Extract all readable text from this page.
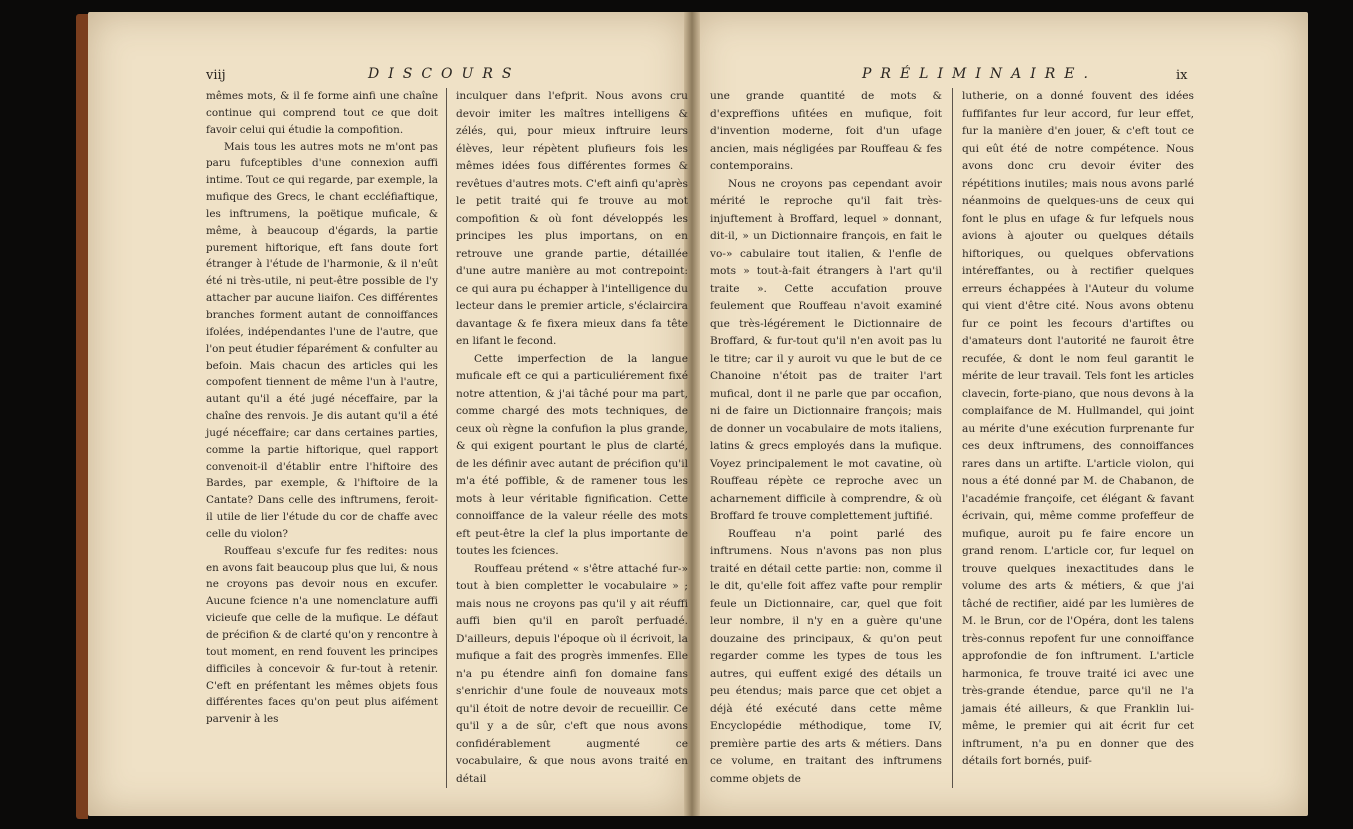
viij	DISCOURS

mêmes mots, & il fe forme ainfi une chaîne continue qui comprend tout ce que doit favoir celui qui étudie la compofition.

Mais tous les autres mots ne m'ont pas paru fufceptibles d'une connexion auffi intime. Tout ce qui regarde, par exemple, la mufique des Grecs, le chant eccléfiaftique, les inftrumens, la poëtique muficale, & même, à beaucoup d'égards, la partie purement hiftorique, eft fans doute fort étranger à l'étude de l'harmonie, & il n'eût été ni très-utile, ni peut-être possible de l'y attacher par aucune liaifon. Ces différentes branches forment autant de connoiffances ifolées, indépendantes l'une de l'autre, que l'on peut étudier féparément & confulter au befoin. Mais chacun des articles qui les compofent tiennent de même l'un à l'autre, autant qu'il a été jugé néceffaire, par la chaîne des renvois. Je dis autant qu'il a été jugé néceffaire; car dans certaines parties, comme la partie hiftorique, quel rapport convenoit-il d'établir entre l'hiftoire des Bardes, par exemple, & l'hiftoire de la Cantate? Dans celle des inftrumens, feroit-il utile de lier l'étude du cor de chaffe avec celle du violon?

Rouffeau s'excufe fur fes redites: nous en avons fait beaucoup plus que lui, & nous ne croyons pas devoir nous en excufer. Aucune fcience n'a une nomenclature auffi vicieufe que celle de la mufique. Le défaut de précifion & de clarté qu'on y rencontre à tout moment, en rend fouvent les principes difficiles à concevoir & fur-tout à retenir. C'eft en préfentant les mêmes objets fous différentes faces qu'on peut plus aifément parvenir à les

inculquer dans l'efprit. Nous avons cru devoir imiter les maîtres intelligens & zélés, qui, pour mieux inftruire leurs élèves, leur répètent plufieurs fois les mêmes idées fous différentes formes & revêtues d'autres mots. C'eft ainfi qu'après le petit traité qui fe trouve au mot compofition & où font développés les principes les plus importans, on en retrouve une grande partie, détaillée d'une autre manière au mot contrepoint: ce qui aura pu échapper à l'intelligence du lecteur dans le premier article, s'éclaircira davantage & fe fixera mieux dans fa tête en lifant le fecond.

Cette imperfection de la langue muficale eft ce qui a particuliérement fixé notre attention, & j'ai tâché pour ma part, comme chargé des mots techniques, de ceux où règne la confufion la plus grande, & qui exigent pourtant le plus de clarté, de les définir avec autant de précifion qu'il m'a été poffible, & de ramener tous les mots à leur véritable fignification. Cette connoiffance de la valeur réelle des mots eft peut-être la clef la plus importante de toutes les fciences.

Rouffeau prétend « s'être attaché fur-» tout à bien completter le vocabulaire » ; mais nous ne croyons pas qu'il y ait réuffi auffi bien qu'il en paroît perfuadé. D'ailleurs, depuis l'époque où il écrivoit, la mufique a fait des progrès immenfes. Elle n'a pu étendre ainfi fon domaine fans s'enrichir d'une foule de nouveaux mots qu'il étoit de notre devoir de recueillir. Ce qu'il y a de sûr, c'eft que nous avons confidérablement augmenté ce vocabulaire, & que nous avons traité en détail

PRÉLIMINAIRE.	ix

une grande quantité de mots & d'expreffions ufitées en mufique, foit d'invention moderne, foit d'un ufage ancien, mais négligées par Rouffeau & fes contemporains.

Nous ne croyons pas cependant avoir mérité le reproche qu'il fait très-injuftement à Broffard, lequel » donnant, dit-il, » un Dictionnaire françois, en fait le vo-» cabulaire tout italien, & l'enfle de mots » tout-à-fait étrangers à l'art qu'il traite ». Cette accufation prouve feulement que Rouffeau n'avoit examiné que très-légérement le Dictionnaire de Broffard, & fur-tout qu'il n'en avoit pas lu le titre; car il y auroit vu que le but de ce Chanoine n'étoit pas de traiter l'art mufical, dont il ne parle que par occafion, ni de faire un Dictionnaire françois; mais de donner un vocabulaire de mots italiens, latins & grecs employés dans la mufique. Voyez principalement le mot cavatine, où Rouffeau répète ce reproche avec un acharnement difficile à comprendre, & où Broffard fe trouve complettement juftifié.

Rouffeau n'a point parlé des inftrumens. Nous n'avons pas non plus traité en détail cette partie: non, comme il le dit, qu'elle foit affez vafte pour remplir feule un Dictionnaire, car, quel que foit leur nombre, il n'y en a guère qu'une douzaine des principaux, & qu'on peut regarder comme les types de tous les autres, qui euffent exigé des détails un peu étendus; mais parce que cet objet a déjà été exécuté dans cette même Encyclopédie méthodique, tome IV, première partie des arts & métiers. Dans ce volume, en traitant des inftrumens comme objets de

lutherie, on a donné fouvent des idées fuffifantes fur leur accord, fur leur effet, fur la manière d'en jouer, & c'eft tout ce qui eût été de notre compétence. Nous avons donc cru devoir éviter des répétitions inutiles; mais nous avons parlé néanmoins de quelques-uns de ceux qui font le plus en ufage & fur lefquels nous avions à ajouter ou quelques détails hiftoriques, ou quelques obfervations intéreffantes, ou à rectifier quelques erreurs échappées à l'Auteur du volume qui vient d'être cité. Nous avons obtenu fur ce point les fecours d'artiftes ou d'amateurs dont l'autorité ne fauroit être recufée, & dont le nom feul garantit le mérite de leur travail. Tels font les articles clavecin, forte-piano, que nous devons à la complaifance de M. Hullmandel, qui joint au mérite d'une exécution furprenante fur ces deux inftrumens, des connoiffances rares dans un artifte. L'article violon, qui nous a été donné par M. de Chabanon, de l'académie françoife, cet élégant & favant écrivain, qui, même comme profeffeur de mufique, auroit pu fe faire encore un grand renom. L'article cor, fur lequel on trouve quelques inexactitudes dans le volume des arts & métiers, & que j'ai tâché de rectifier, aidé par les lumières de M. le Brun, cor de l'Opéra, dont les talens très-connus repofent fur une connoiffance approfondie de fon inftrument. L'article harmonica, fe trouve traité ici avec une très-grande étendue, parce qu'il ne l'a jamais été ailleurs, & que Franklin lui-même, le premier qui ait écrit fur cet inftrument, n'a pu en donner que des détails fort bornés, puif-
